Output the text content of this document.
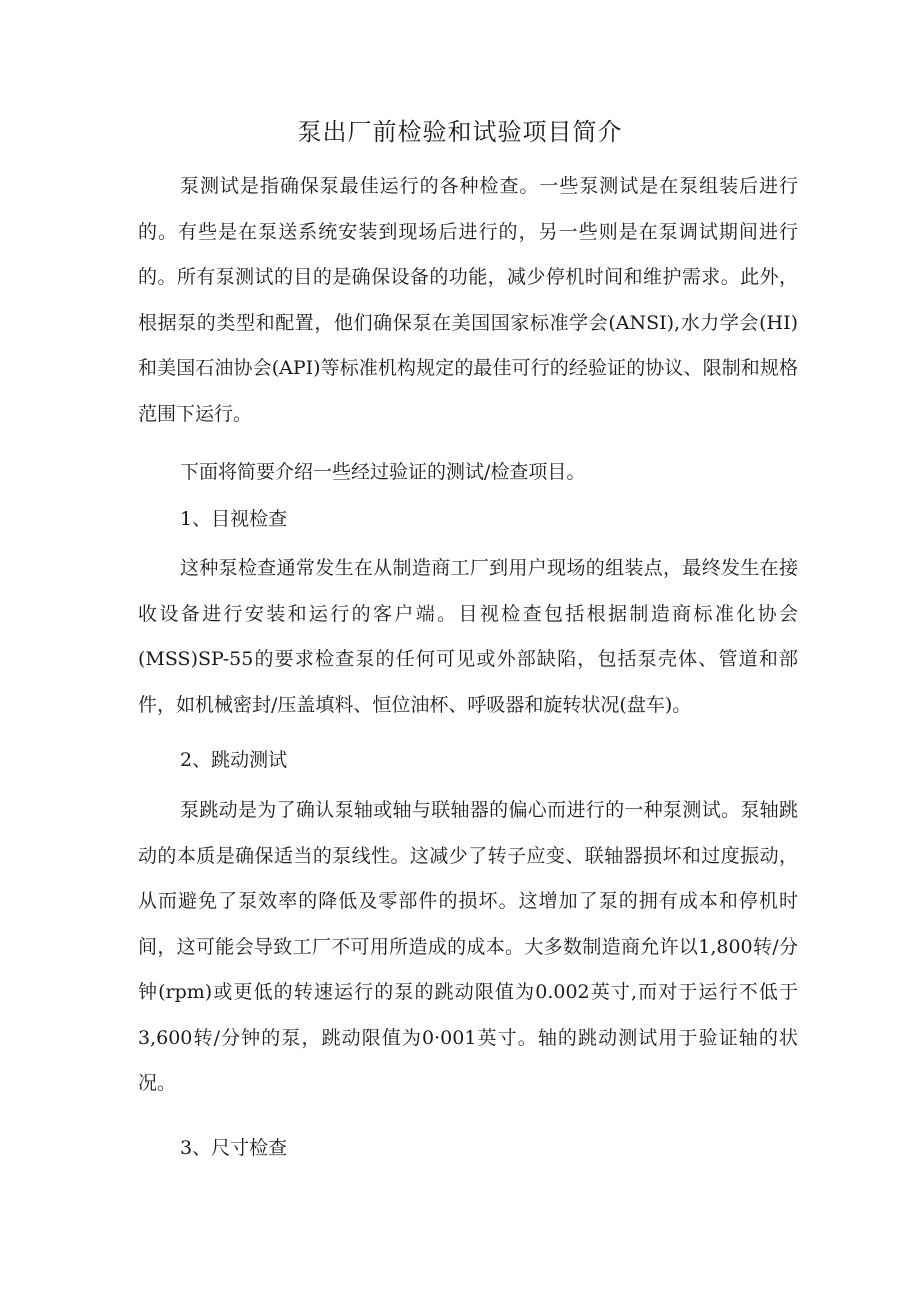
泵出厂前检验和试验项目简介

泵测试是指确保泵最佳运行的各种检查。一些泵测试是在泵组装后进行的。有些是在泵送系统安装到现场后进行的，另一些则是在泵调试期间进行的。所有泵测试的目的是确保设备的功能，减少停机时间和维护需求。此外，根据泵的类型和配置，他们确保泵在美国国家标准学会(ANSI),水力学会(HI)和美国石油协会(API)等标准机构规定的最佳可行的经验证的协议、限制和规格范围下运行。

下面将简要介绍一些经过验证的测试/检查项目。

1、目视检查

这种泵检查通常发生在从制造商工厂到用户现场的组装点，最终发生在接收设备进行安装和运行的客户端。目视检查包括根据制造商标准化协会(MSS)SP-55的要求检查泵的任何可见或外部缺陷，包括泵壳体、管道和部件，如机械密封/压盖填料、恒位油杯、呼吸器和旋转状况(盘车)。

2、跳动测试

泵跳动是为了确认泵轴或轴与联轴器的偏心而进行的一种泵测试。泵轴跳动的本质是确保适当的泵线性。这减少了转子应变、联轴器损坏和过度振动，从而避免了泵效率的降低及零部件的损坏。这增加了泵的拥有成本和停机时间，这可能会导致工厂不可用所造成的成本。大多数制造商允许以1,800转/分钟(rpm)或更低的转速运行的泵的跳动限值为0.002英寸,而对于运行不低于3,600转/分钟的泵，跳动限值为0·001英寸。轴的跳动测试用于验证轴的状况。

3、尺寸检查
